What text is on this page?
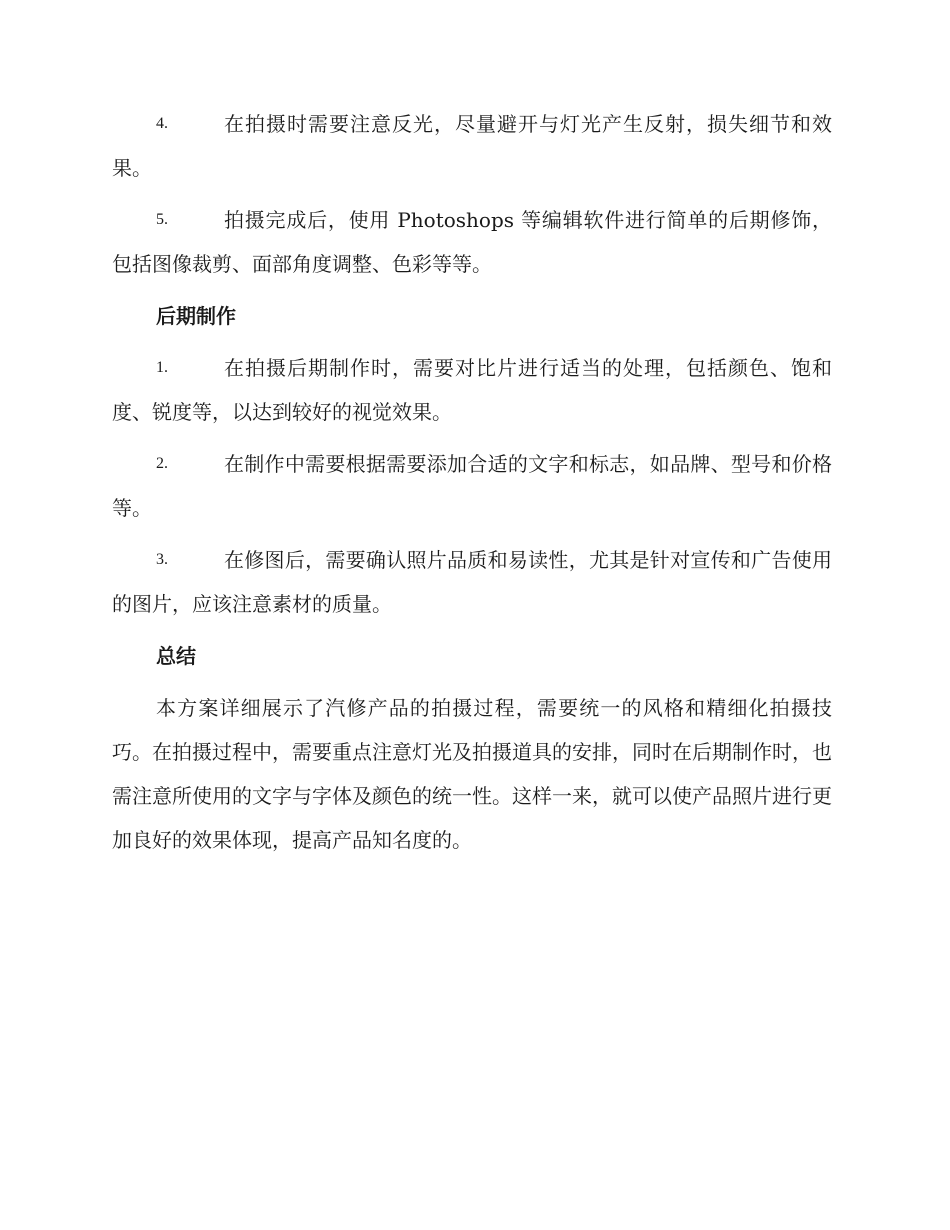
4.	在拍摄时需要注意反光，尽量避开与灯光产生反射，损失细节和效果。
5.	拍摄完成后，使用 Photoshops 等编辑软件进行简单的后期修饰，包括图像裁剪、面部角度调整、色彩等等。
后期制作
1.	在拍摄后期制作时，需要对比片进行适当的处理，包括颜色、饱和度、锐度等，以达到较好的视觉效果。
2.	在制作中需要根据需要添加合适的文字和标志，如品牌、型号和价格等。
3.	在修图后，需要确认照片品质和易读性，尤其是针对宣传和广告使用的图片，应该注意素材的质量。
总结

本方案详细展示了汽修产品的拍摄过程，需要统一的风格和精细化拍摄技巧。在拍摄过程中，需要重点注意灯光及拍摄道具的安排，同时在后期制作时，也需注意所使用的文字与字体及颜色的统一性。这样一来，就可以使产品照片进行更加良好的效果体现，提高产品知名度的。
